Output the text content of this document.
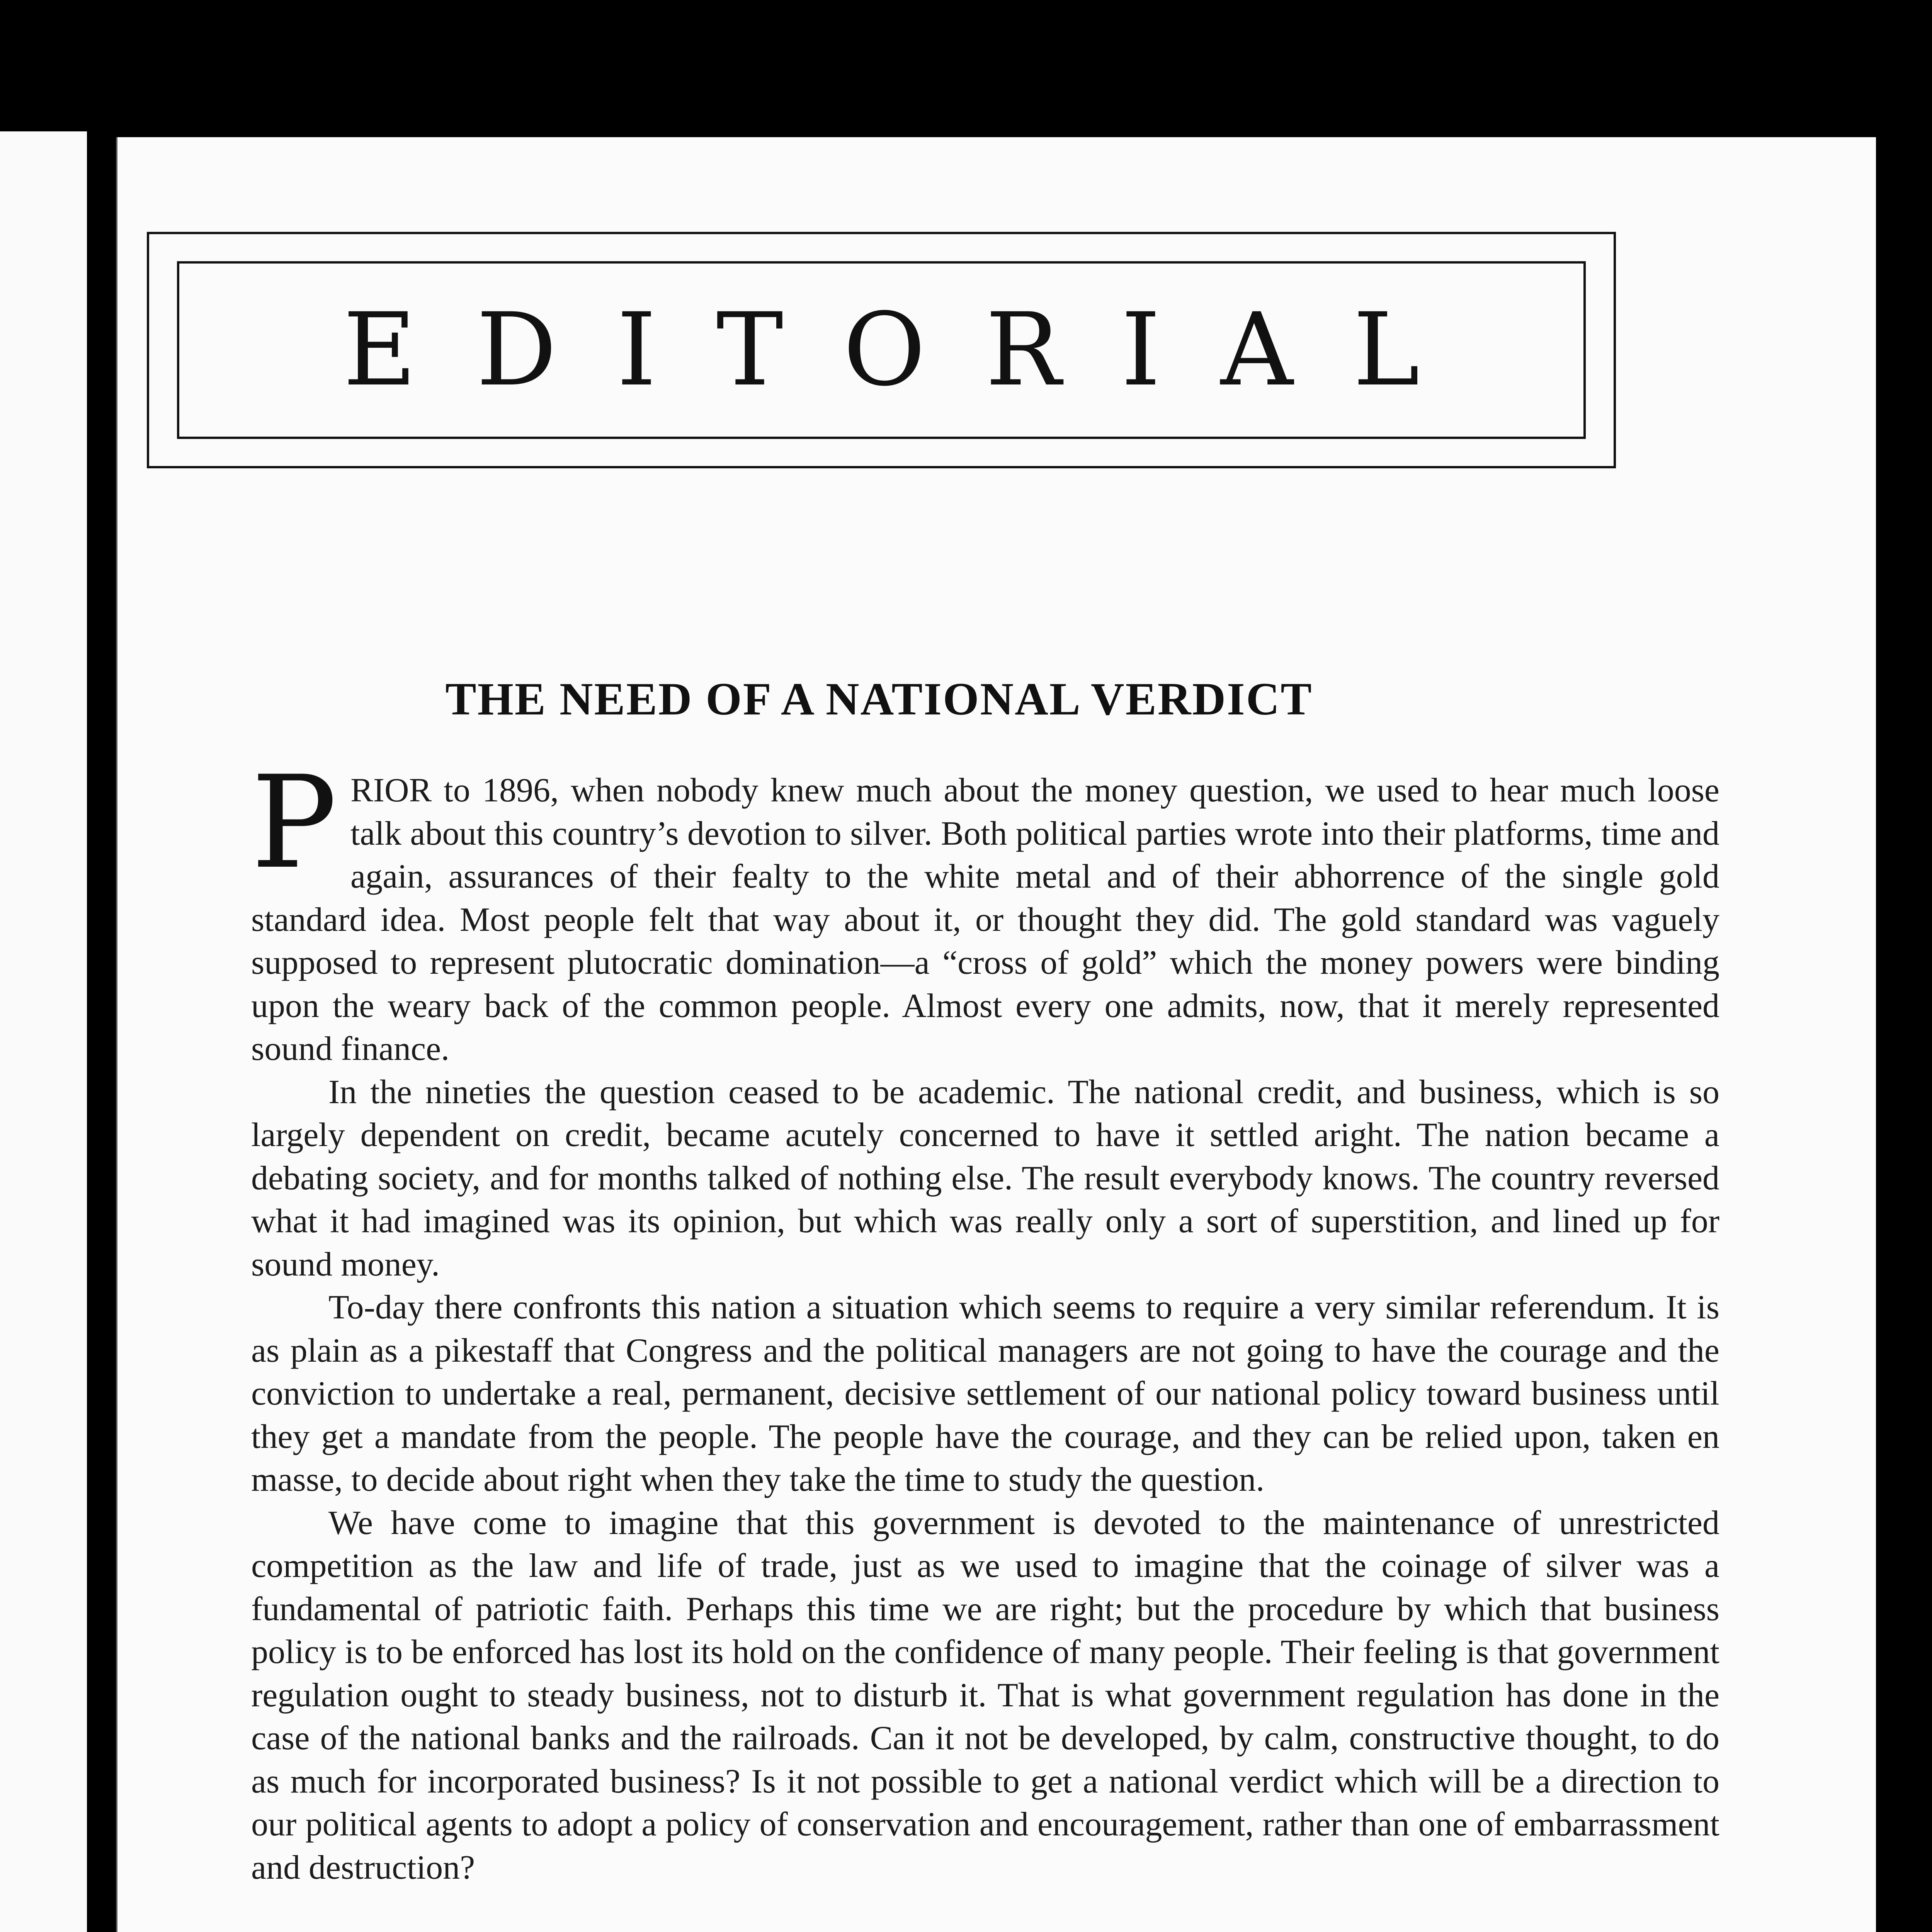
EDITORIAL
THE NEED OF A NATIONAL VERDICT

PRIOR to 1896, when nobody knew much about the money question, we used to hear much loose talk about this country’s devotion to silver. Both political parties wrote into their platforms, time and again, assurances of their fealty to the white metal and of their abhorrence of the single gold standard idea. Most people felt that way about it, or thought they did. The gold standard was vaguely supposed to represent plutocratic domination—a “cross of gold” which the money powers were binding upon the weary back of the common people. Almost every one admits, now, that it merely represented sound finance.

In the nineties the question ceased to be academic. The national credit, and business, which is so largely dependent on credit, became acutely concerned to have it settled aright. The nation became a debating society, and for months talked of nothing else. The result everybody knows. The country reversed what it had imagined was its opinion, but which was really only a sort of superstition, and lined up for sound money.

To-day there confronts this nation a situation which seems to require a very similar referendum. It is as plain as a pikestaff that Congress and the political managers are not going to have the courage and the conviction to undertake a real, permanent, decisive settlement of our national policy toward business until they get a mandate from the people. The people have the courage, and they can be relied upon, taken en masse, to decide about right when they take the time to study the question.

We have come to imagine that this government is devoted to the maintenance of unrestricted competition as the law and life of trade, just as we used to imagine that the coinage of silver was a fundamental of patriotic faith. Perhaps this time we are right; but the procedure by which that business policy is to be enforced has lost its hold on the confidence of many people. Their feeling is that government regulation ought to steady business, not to disturb it. That is what government regulation has done in the case of the national banks and the railroads. Can it not be developed, by calm, constructive thought, to do as much for incorporated business? Is it not possible to get a national verdict which will be a direction to our political agents to adopt a policy of conservation and encouragement, rather than one of embarrassment and destruction?
